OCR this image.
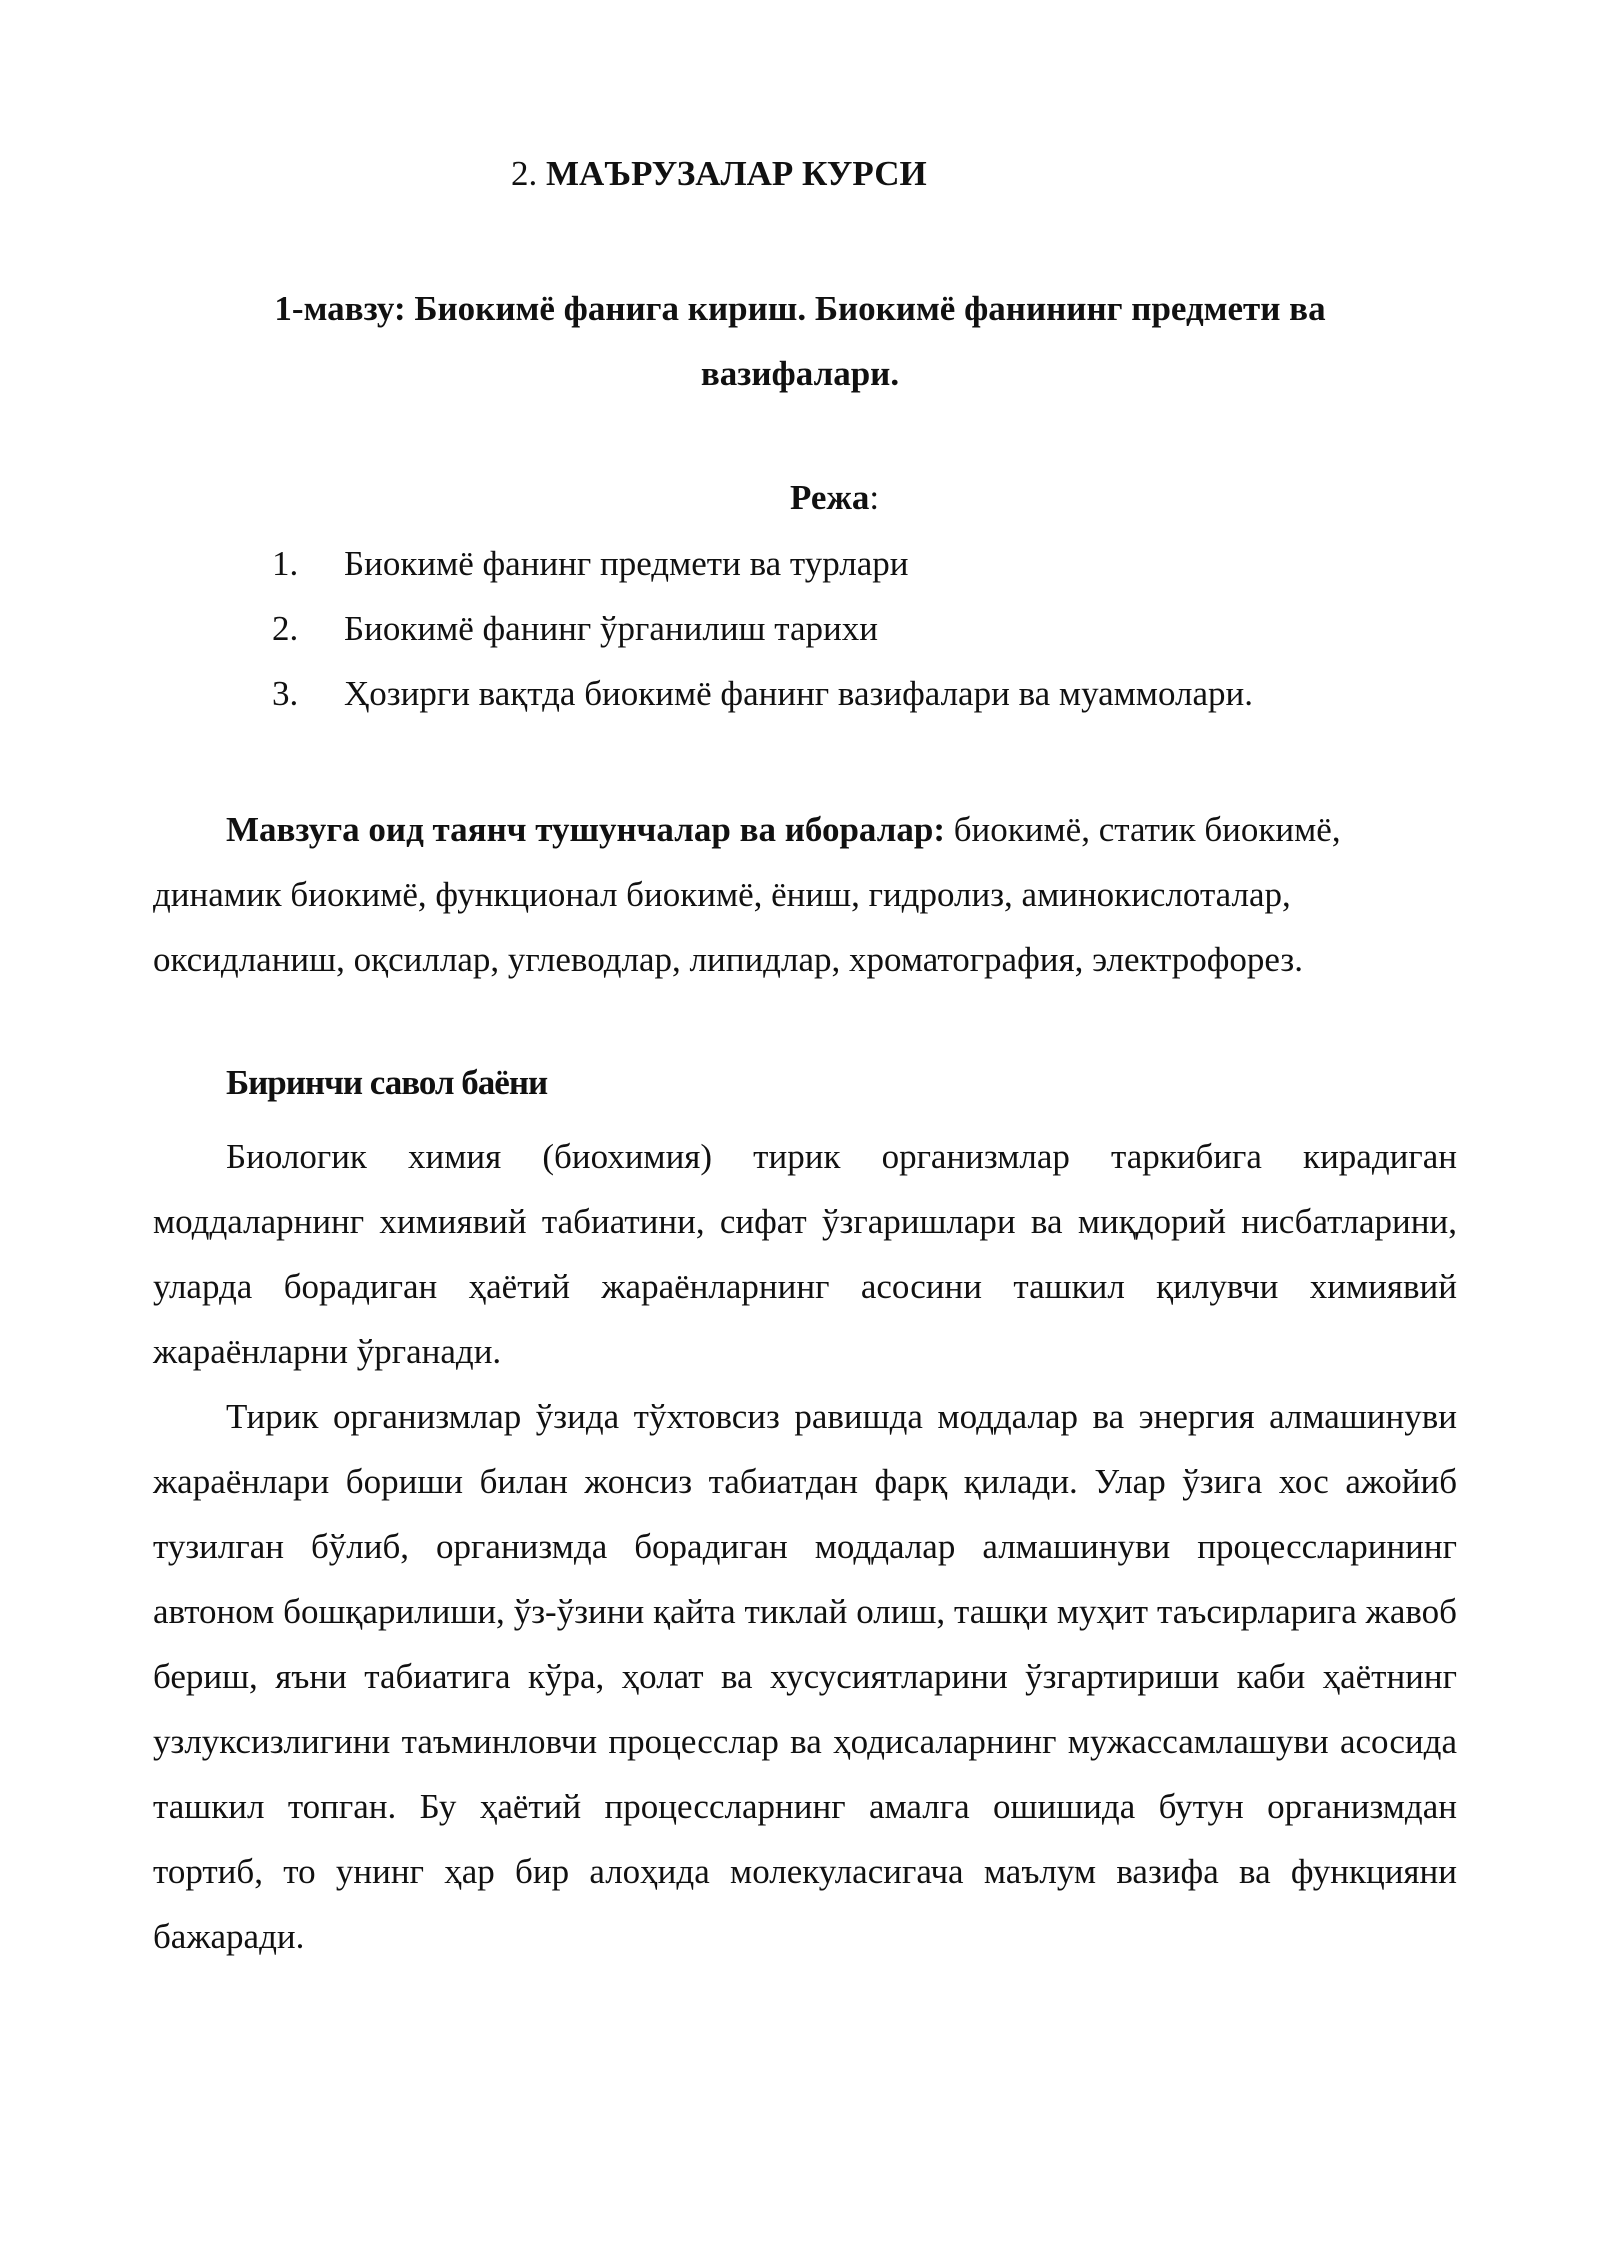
2. МАЪРУЗАЛАР КУРСИ
1-мавзу: Биокимё фанига кириш. Биокимё фанининг предмети ва вазифалари.
Режа:
1. Биокимё фанинг предмети ва турлари
2. Биокимё фанинг ўрганилиш тарихи
3. Ҳозирги вақтда биокимё фанинг вазифалари ва муаммолари.

Мавзуга оид таянч тушунчалар ва иборалар: биокимё, статик биокимё, динамик биокимё, функционал биокимё, ёниш, гидролиз, аминокислоталар, оксидланиш, оқсиллар, углеводлар, липидлар, хроматография, электрофорез.

Биринчи савол баёни

Биологик химия (биохимия) тирик организмлар таркибига кирадиган моддаларнинг химиявий табиатини, сифат ўзгаришлари ва миқдорий нисбатларини, уларда борадиган ҳаётий жараёнларнинг асосини ташкил қилувчи химиявий жараёнларни ўрганади.

Тирик организмлар ўзида тўхтовсиз равишда моддалар ва энергия алмашинуви жараёнлари бориши билан жонсиз табиатдан фарқ қилади. Улар ўзига хос ажойиб тузилган бўлиб, организмда борадиган моддалар алмашинуви процессларининг автоном бошқарилиши, ўз-ўзини қайта тиклай олиш, ташқи муҳит таъсирларига жавоб бериш, яъни табиатига кўра, ҳолат ва хусусиятларини ўзгартириши каби ҳаётнинг узлуксизлигини таъминловчи процесслар ва ҳодисаларнинг мужассамлашуви асосида ташкил топган. Бу ҳаётий процессларнинг амалга ошишида бутун организмдан тортиб, то унинг ҳар бир алоҳида молекуласигача маълум вазифа ва функцияни бажаради.
